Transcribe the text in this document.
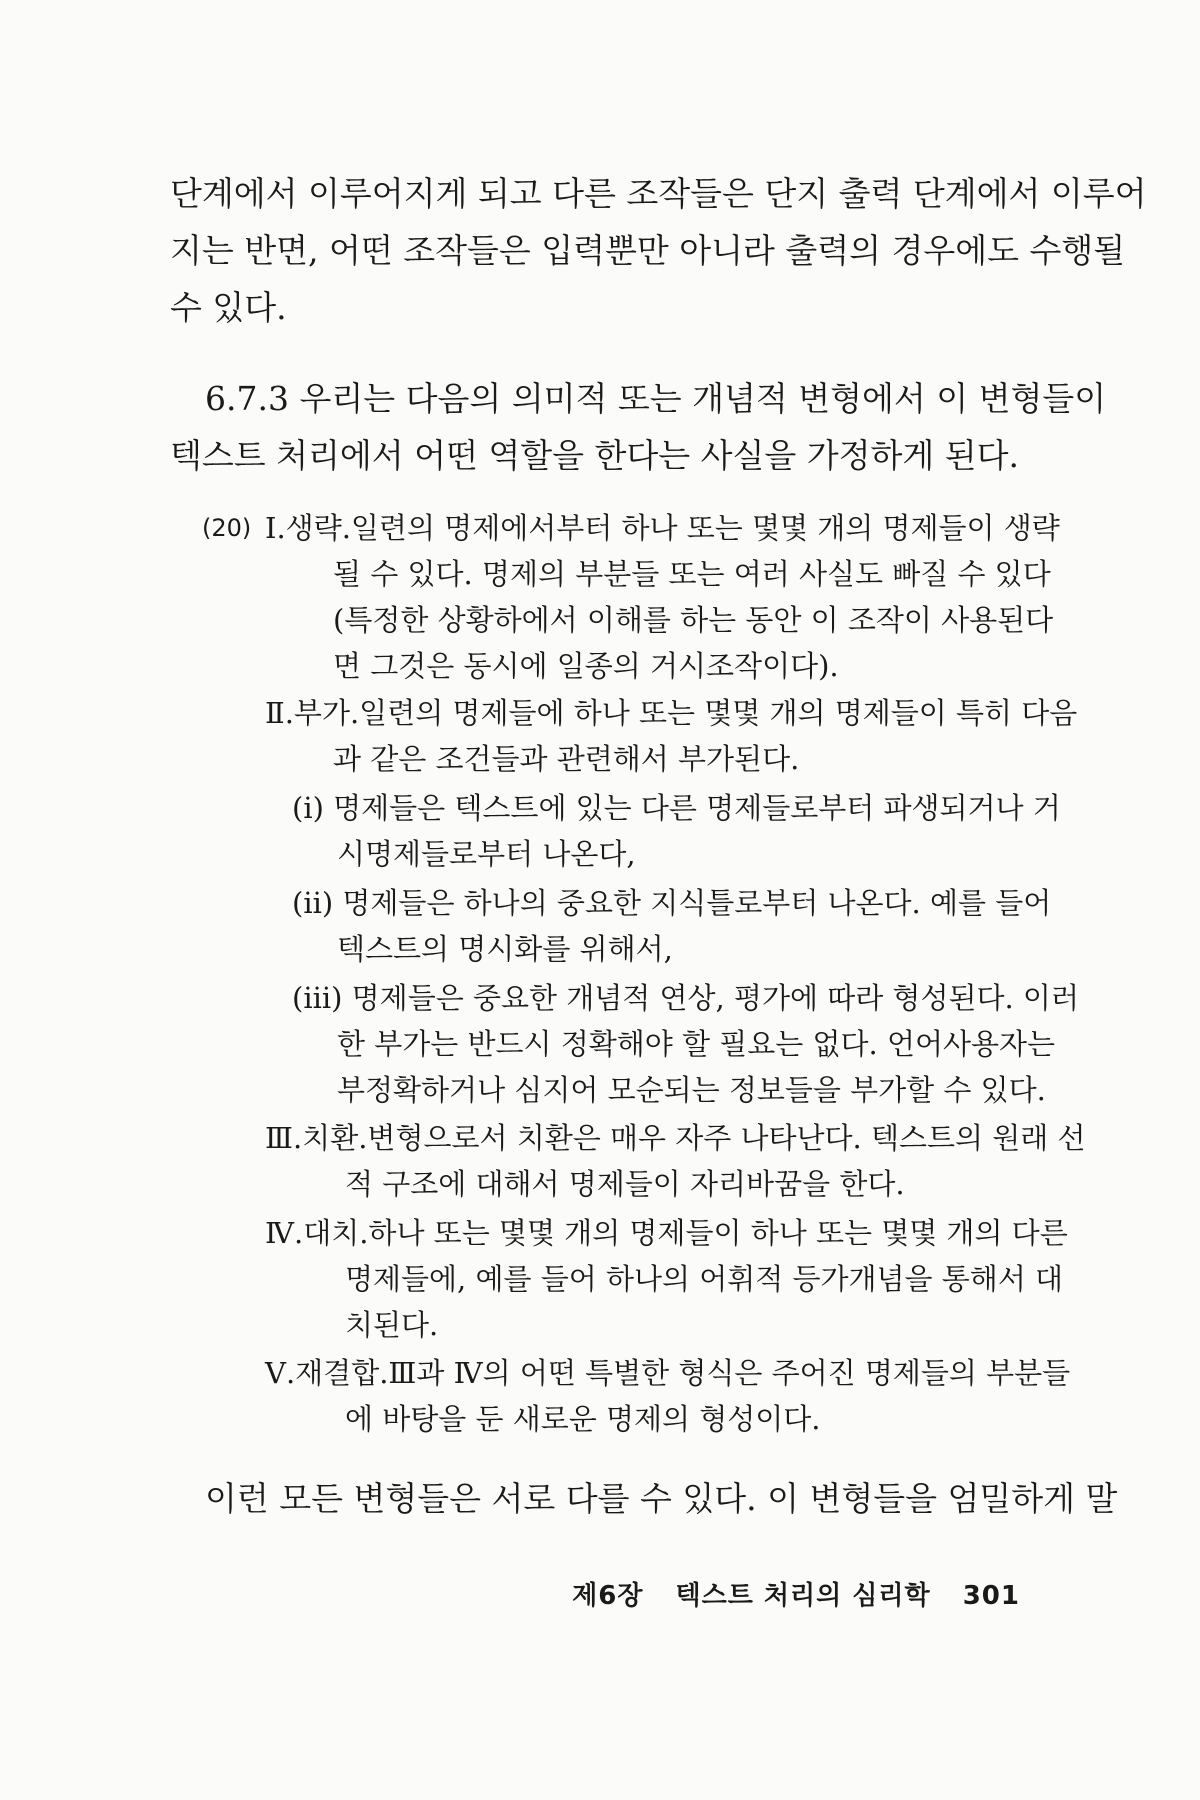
단계에서 이루어지게 되고 다른 조작들은 단지 출력 단계에서 이루어
지는 반면, 어떤 조작들은 입력뿐만 아니라 출력의 경우에도 수행될
수 있다.

6.7.3 우리는 다음의 의미적 또는 개념적 변형에서 이 변형들이
텍스트 처리에서 어떤 역할을 한다는 사실을 가정하게 된다.

(20) Ⅰ.생략.일련의 명제에서부터 하나 또는 몇몇 개의 명제들이 생략
될 수 있다. 명제의 부분들 또는 여러 사실도 빠질 수 있다
(특정한 상황하에서 이해를 하는 동안 이 조작이 사용된다
면 그것은 동시에 일종의 거시조작이다).
Ⅱ.부가.일련의 명제들에 하나 또는 몇몇 개의 명제들이 특히 다음
과 같은 조건들과 관련해서 부가된다.
(i) 명제들은 텍스트에 있는 다른 명제들로부터 파생되거나 거
시명제들로부터 나온다,
(ii) 명제들은 하나의 중요한 지식틀로부터 나온다. 예를 들어
텍스트의 명시화를 위해서,
(iii) 명제들은 중요한 개념적 연상, 평가에 따라 형성된다. 이러
한 부가는 반드시 정확해야 할 필요는 없다. 언어사용자는
부정확하거나 심지어 모순되는 정보들을 부가할 수 있다.
Ⅲ.치환.변형으로서 치환은 매우 자주 나타난다. 텍스트의 원래 선
적 구조에 대해서 명제들이 자리바꿈을 한다.
Ⅳ.대치.하나 또는 몇몇 개의 명제들이 하나 또는 몇몇 개의 다른
명제들에, 예를 들어 하나의 어휘적 등가개념을 통해서 대
치된다.
Ⅴ.재결합.Ⅲ과 Ⅳ의 어떤 특별한 형식은 주어진 명제들의 부분들
에 바탕을 둔 새로운 명제의 형성이다.

이런 모든 변형들은 서로 다를 수 있다. 이 변형들을 엄밀하게 말

제6장 텍스트 처리의 심리학 301
